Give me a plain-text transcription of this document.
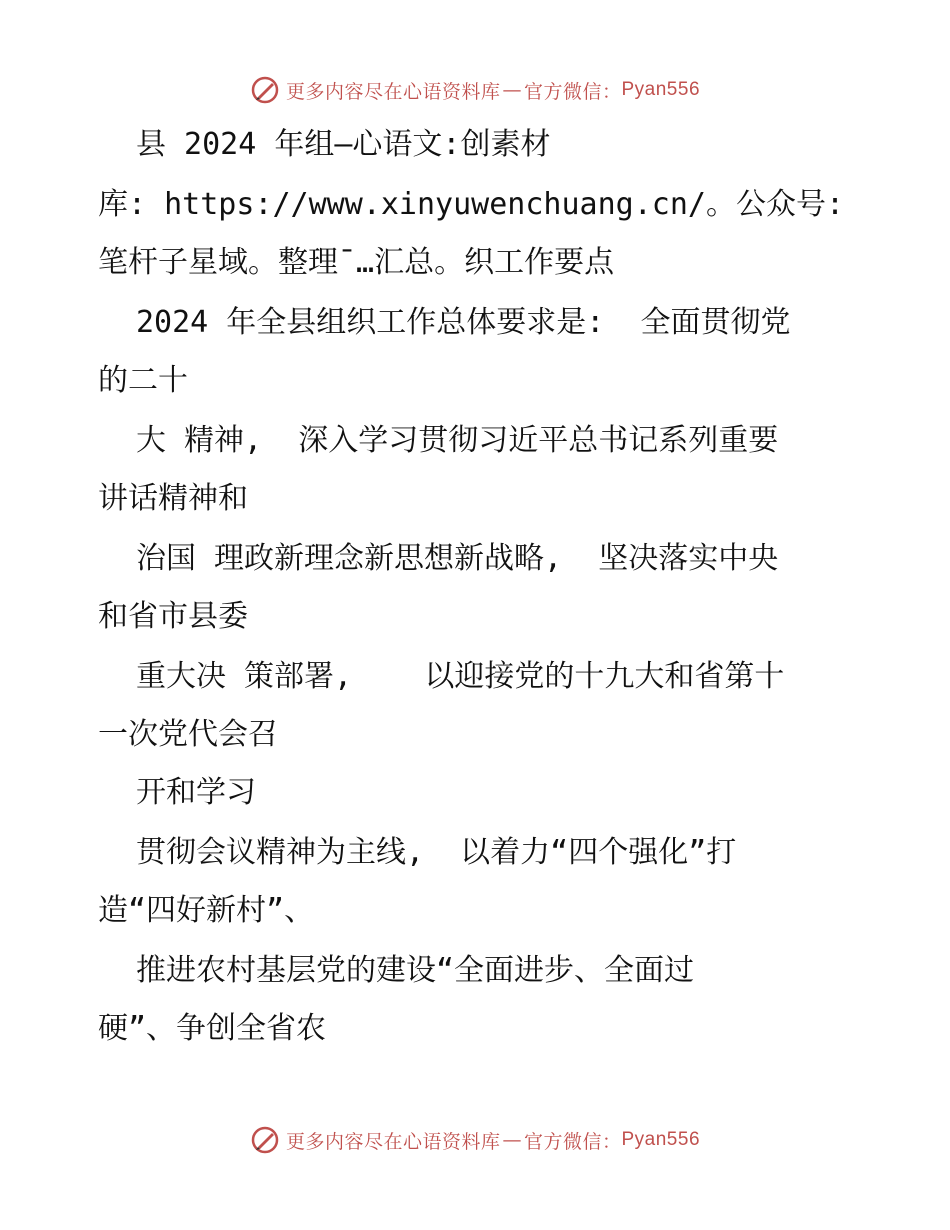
更多内容尽在心语资料库 — 官方微信： Pyan556
县 2024 年组—心语文:创素材
库: https://www.xinyuwenchuang.cn/。公众号:
笔杆子星域。整理¯…汇总。织工作要点
2024 年全县组织工作总体要求是:  全面贯彻党
的二十
大 精神,  深入学习贯彻习近平总书记系列重要
讲话精神和
治国 理政新理念新思想新战略,  坚决落实中央
和省市县委
重大决 策部署,    以迎接党的十九大和省第十
一次党代会召
开和学习
贯彻会议精神为主线,  以着力“四个强化”打
造“四好新村”、
推进农村基层党的建设“全面进步、全面过
硬”、争创全省农
更多内容尽在心语资料库 — 官方微信： Pyan556
